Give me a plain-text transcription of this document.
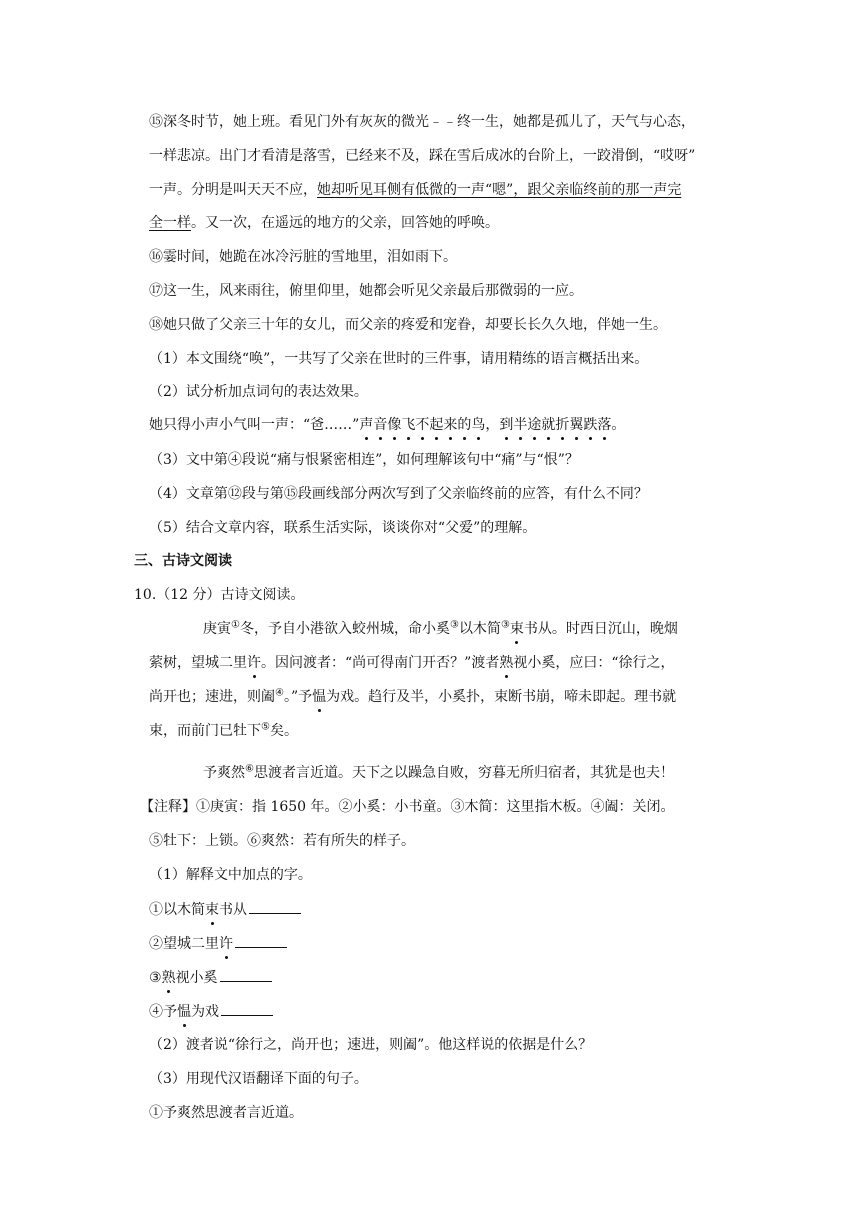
⑮深冬时节，她上班。看见门外有灰灰的微光﹣﹣终一生，她都是孤儿了，天气与心态，
一样悲凉。出门才看清是落雪，已经来不及，踩在雪后成冰的台阶上，一跤滑倒，“哎呀”
一声。分明是叫天天不应，她却听见耳侧有低微的一声“嗯”，跟父亲临终前的那一声完
全一样。又一次，在遥远的地方的父亲，回答她的呼唤。
⑯霎时间，她跪在冰冷污脏的雪地里，泪如雨下。
⑰这一生，风来雨往，俯里仰里，她都会听见父亲最后那微弱的一应。
⑱她只做了父亲三十年的女儿，而父亲的疼爱和宠眷，却要长长久久地，伴她一生。
（1）本文围绕“唤”，一共写了父亲在世时的三件事，请用精练的语言概括出来。
（2）试分析加点词句的表达效果。
她只得小声小气叫一声：“爸……”声音像飞不起来的鸟，到半途就折翼跌落。
（3）文中第④段说“痛与恨紧密相连”，如何理解该句中“痛”与“恨”？
（4）文章第⑫段与第⑮段画线部分两次写到了父亲临终前的应答，有什么不同？
（5）结合文章内容，联系生活实际，谈谈你对“父爱”的理解。
三、古诗文阅读
10.（12 分）古诗文阅读。
庚寅①冬，予自小港欲入蛟州城，命小奚③以木简③束书从。时西日沉山，晚烟
萦树，望城二里许。因问渡者：“尚可得南门开否？”渡者熟视小奚，应曰：“徐行之，
尚开也；速进，则阖④。”予愠为戏。趋行及半，小奚扑，束断书崩，啼未即起。理书就
束，而前门已牡下⑤矣。
予爽然⑥思渡者言近道。天下之以躁急自败，穷暮无所归宿者，其犹是也夫！
【注释】①庚寅：指 1650 年。②小奚：小书童。③木简：这里指木板。④阖：关闭。
⑤牡下：上锁。⑥爽然：若有所失的样子。
（1）解释文中加点的字。
①以木简束书从
②望城二里许
③熟视小奚
④予愠为戏
（2）渡者说“徐行之，尚开也；速进，则阖”。他这样说的依据是什么？
（3）用现代汉语翻译下面的句子。
①予爽然思渡者言近道。
